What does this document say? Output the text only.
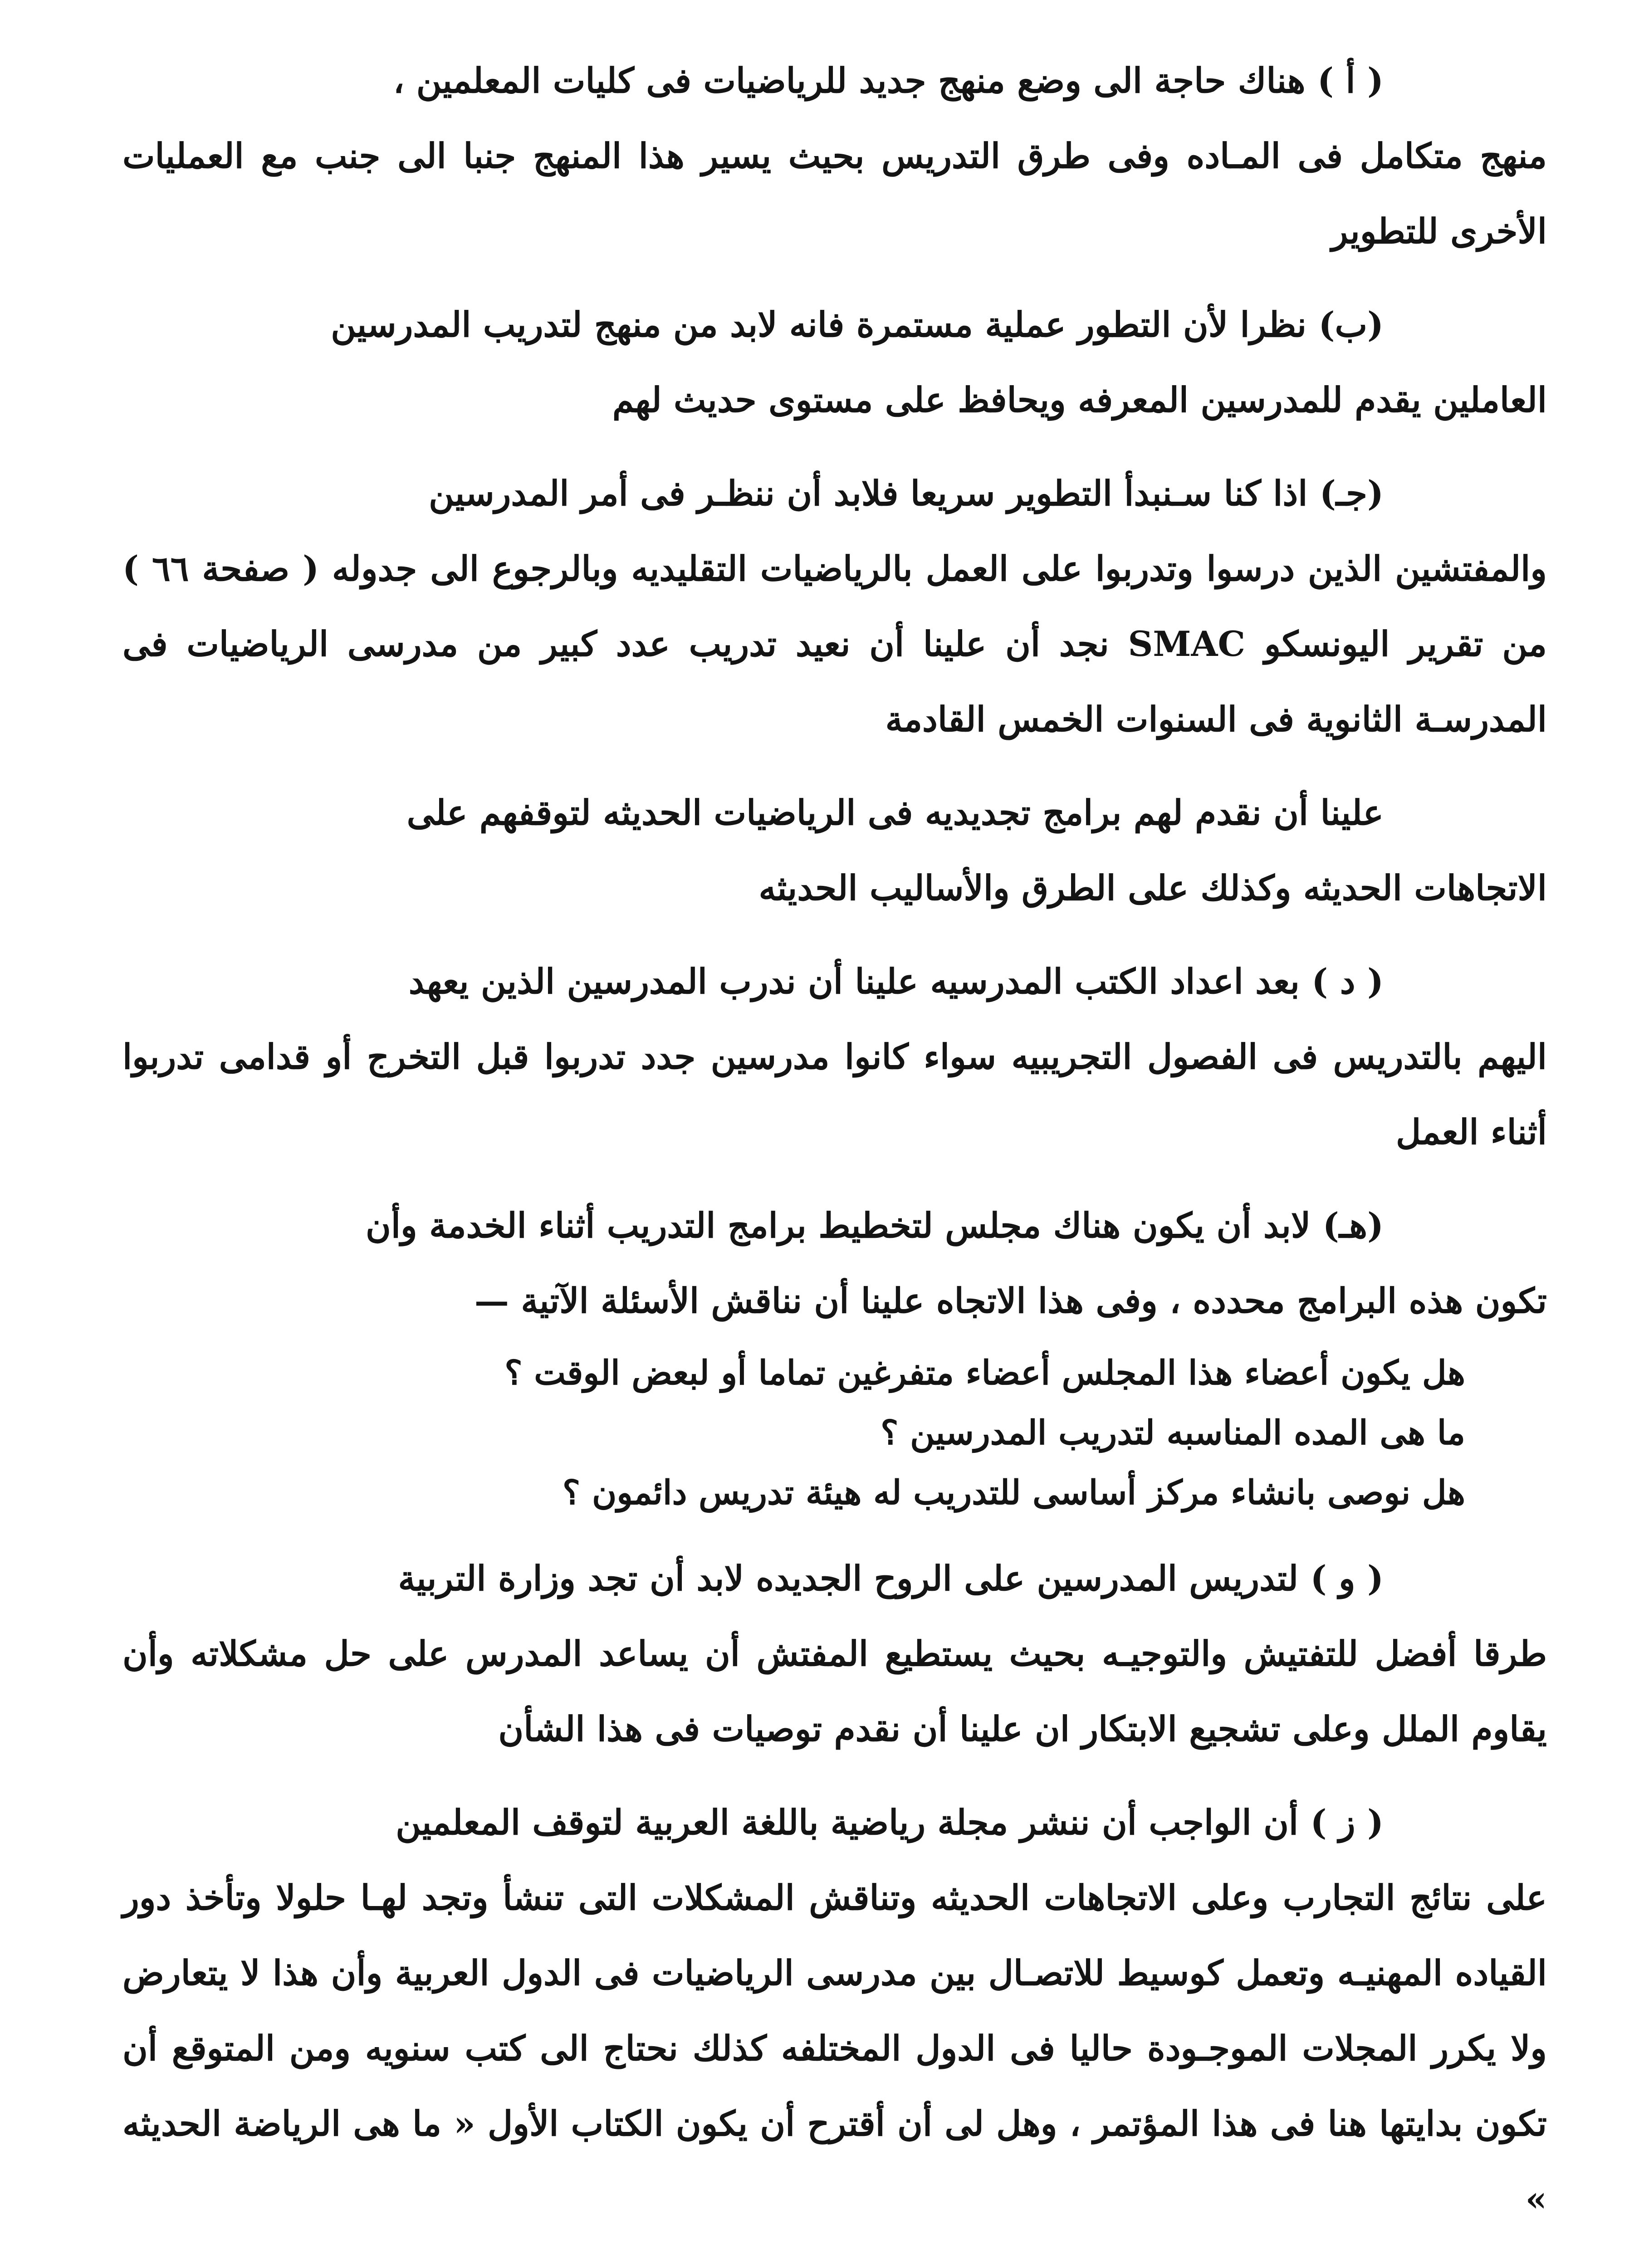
( أ ) هناك حاجة الى وضع منهج جديد للرياضيات فى كليات المعلمين ،
منهج متكامل فى المـاده وفى طرق التدريس بحيث يسير هذا المنهج جنبا الى جنب مع العمليات الأخرى للتطوير
(ب) نظرا لأن التطور عملية مستمرة فانه لابد من منهج لتدريب المدرسين
العاملين يقدم للمدرسين المعرفه ويحافظ على مستوى حديث لهم
(جـ) اذا كنا سـنبدأ التطوير سريعا فلابد أن ننظـر فى أمر المدرسين
والمفتشين الذين درسوا وتدربوا على العمل بالرياضيات التقليديه وبالرجوع الى جدوله ( صفحة ٦٦ ) من تقرير اليونسكو SMAC نجد أن علينا أن نعيد تدريب عدد كبير من مدرسى الرياضيات فى المدرسـة الثانوية فى السنوات الخمس القادمة
علينا أن نقدم لهم برامج تجديديه فى الرياضيات الحديثه لتوقفهم على
الاتجاهات الحديثه وكذلك على الطرق والأساليب الحديثه
( د ) بعد اعداد الكتب المدرسيه علينا أن ندرب المدرسين الذين يعهد
اليهم بالتدريس فى الفصول التجريبيه سواء كانوا مدرسين جدد تدربوا قبل التخرج أو قدامى تدربوا أثناء العمل
(هـ) لابد أن يكون هناك مجلس لتخطيط برامج التدريب أثناء الخدمة وأن
تكون هذه البرامج محدده ، وفى هذا الاتجاه علينا أن نناقش الأسئلة الآتية —
هل يكون أعضاء هذا المجلس أعضاء متفرغين تماما أو لبعض الوقت ؟
ما هى المده المناسبه لتدريب المدرسين ؟
هل نوصى بانشاء مركز أساسى للتدريب له هيئة تدريس دائمون ؟
( و ) لتدريس المدرسين على الروح الجديده لابد أن تجد وزارة التربية
طرقا أفضل للتفتيش والتوجيـه بحيث يستطيع المفتش أن يساعد المدرس على حل مشكلاته وأن يقاوم الملل وعلى تشجيع الابتكار ان علينا أن نقدم توصيات فى هذا الشأن
( ز ) أن الواجب أن ننشر مجلة رياضية باللغة العربية لتوقف المعلمين
على نتائج التجارب وعلى الاتجاهات الحديثه وتناقش المشكلات التى تنشأ وتجد لهـا حلولا وتأخذ دور القياده المهنيـه وتعمل كوسيط للاتصـال بين مدرسى الرياضيات فى الدول العربية وأن هذا لا يتعارض ولا يكرر المجلات الموجـودة حاليا فى الدول المختلفه كذلك نحتاج الى كتب سنويه ومن المتوقع أن تكون بدايتها هنا فى هذا المؤتمر ، وهل لى أن أقترح أن يكون الكتاب الأول « ما هى الرياضة الحديثه »
